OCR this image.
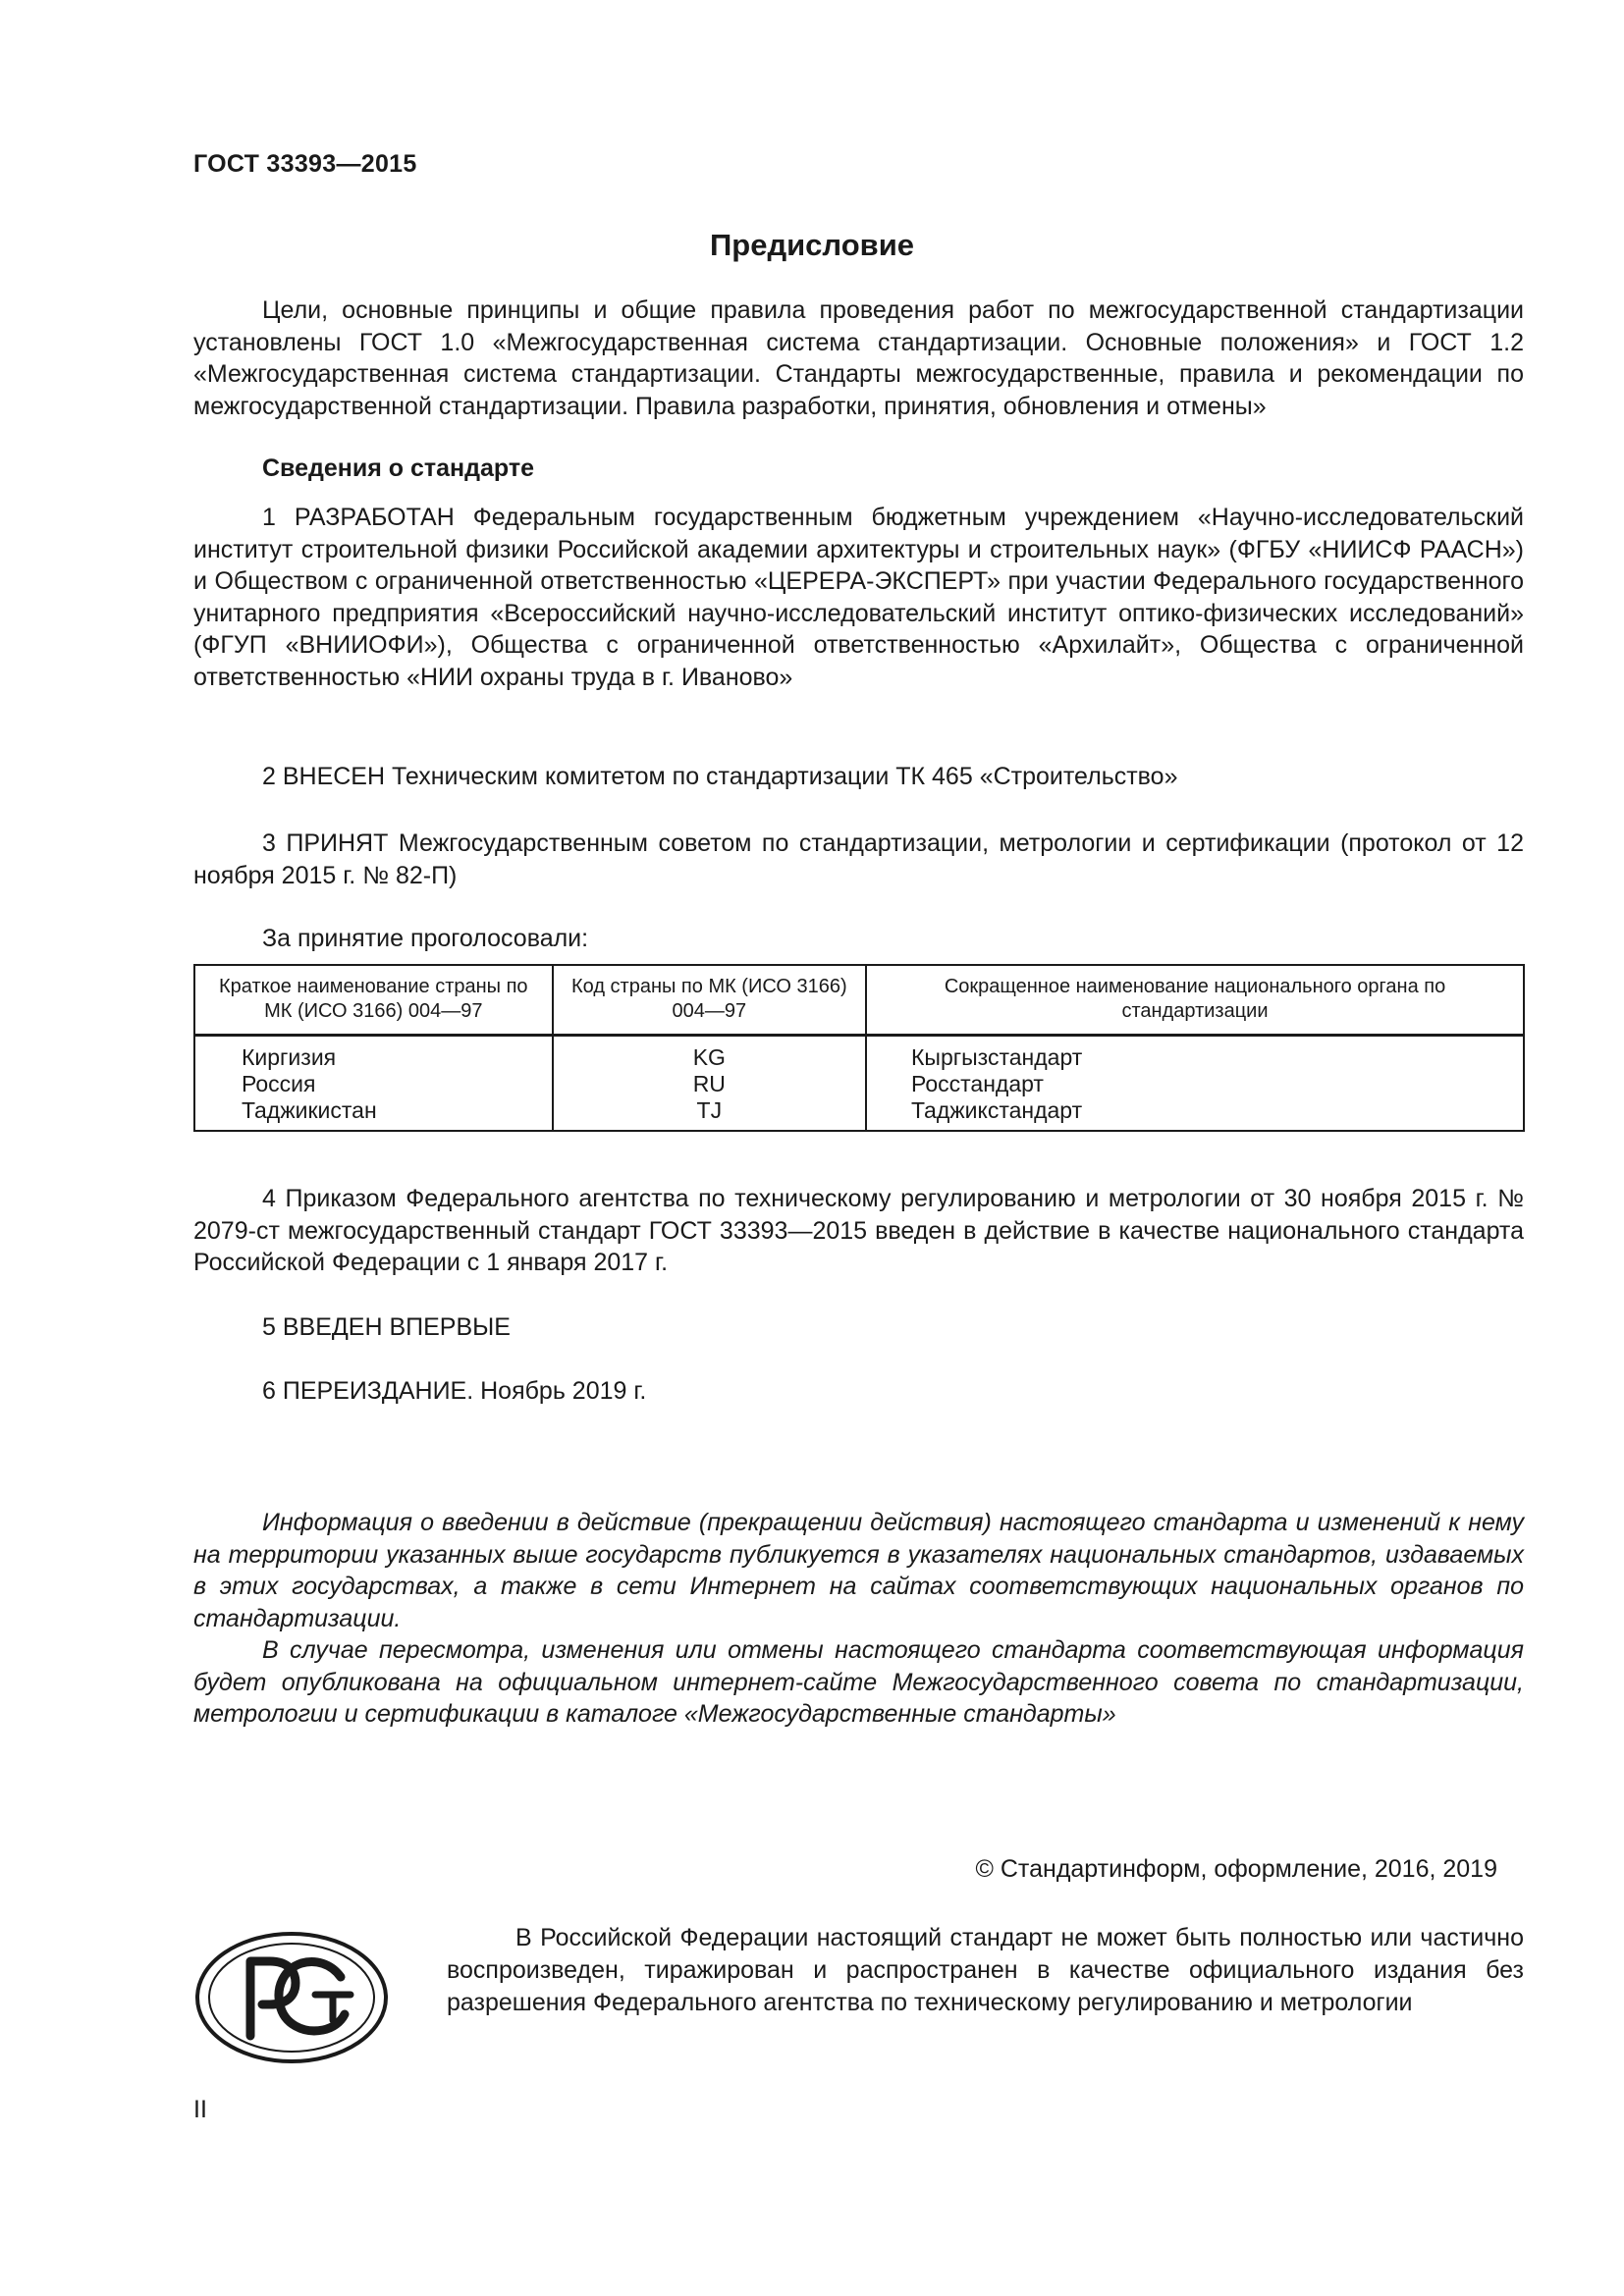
ГОСТ 33393—2015
Предисловие
Цели, основные принципы и общие правила проведения работ по межгосударственной стандартизации установлены ГОСТ 1.0 «Межгосударственная система стандартизации. Основные положения» и ГОСТ 1.2 «Межгосударственная система стандартизации. Стандарты межгосударственные, правила и рекомендации по межгосударственной стандартизации. Правила разработки, принятия, обновления и отмены»
Сведения о стандарте
1 РАЗРАБОТАН Федеральным государственным бюджетным учреждением «Научно-исследовательский институт строительной физики Российской академии архитектуры и строительных наук» (ФГБУ «НИИСФ РААСН») и Обществом с ограниченной ответственностью «ЦЕРЕРА-ЭКСПЕРТ» при участии Федерального государственного унитарного предприятия «Всероссийский научно-исследовательский институт оптико-физических исследований» (ФГУП «ВНИИОФИ»), Общества с ограниченной ответственностью «Архилайт», Общества с ограниченной ответственностью «НИИ охраны труда в г. Иваново»
2 ВНЕСЕН Техническим комитетом по стандартизации ТК 465 «Строительство»
3 ПРИНЯТ Межгосударственным советом по стандартизации, метрологии и сертификации (протокол от 12 ноября 2015 г. № 82-П)
За принятие проголосовали:
Краткое наименование страны по МК (ИСО 3166) 004—97	Код страны по МК (ИСО 3166) 004—97	Сокращенное наименование национального органа по стандартизации
Киргизия	KG	Кыргызстандарт
Россия	RU	Росстандарт
Таджикистан	TJ	Таджикстандарт
4 Приказом Федерального агентства по техническому регулированию и метрологии от 30 ноября 2015 г. № 2079-ст межгосударственный стандарт ГОСТ 33393—2015 введен в действие в качестве национального стандарта Российской Федерации с 1 января 2017 г.
5 ВВЕДЕН ВПЕРВЫЕ
6 ПЕРЕИЗДАНИЕ. Ноябрь 2019 г.
Информация о введении в действие (прекращении действия) настоящего стандарта и изменений к нему на территории указанных выше государств публикуется в указателях национальных стандартов, издаваемых в этих государствах, а также в сети Интернет на сайтах соответствующих национальных органов по стандартизации.
В случае пересмотра, изменения или отмены настоящего стандарта соответствующая информация будет опубликована на официальном интернет-сайте Межгосударственного совета по стандартизации, метрологии и сертификации в каталоге «Межгосударственные стандарты»
© Стандартинформ, оформление, 2016, 2019
В Российской Федерации настоящий стандарт не может быть полностью или частично воспроизведен, тиражирован и распространен в качестве официального издания без разрешения Федерального агентства по техническому регулированию и метрологии
II
